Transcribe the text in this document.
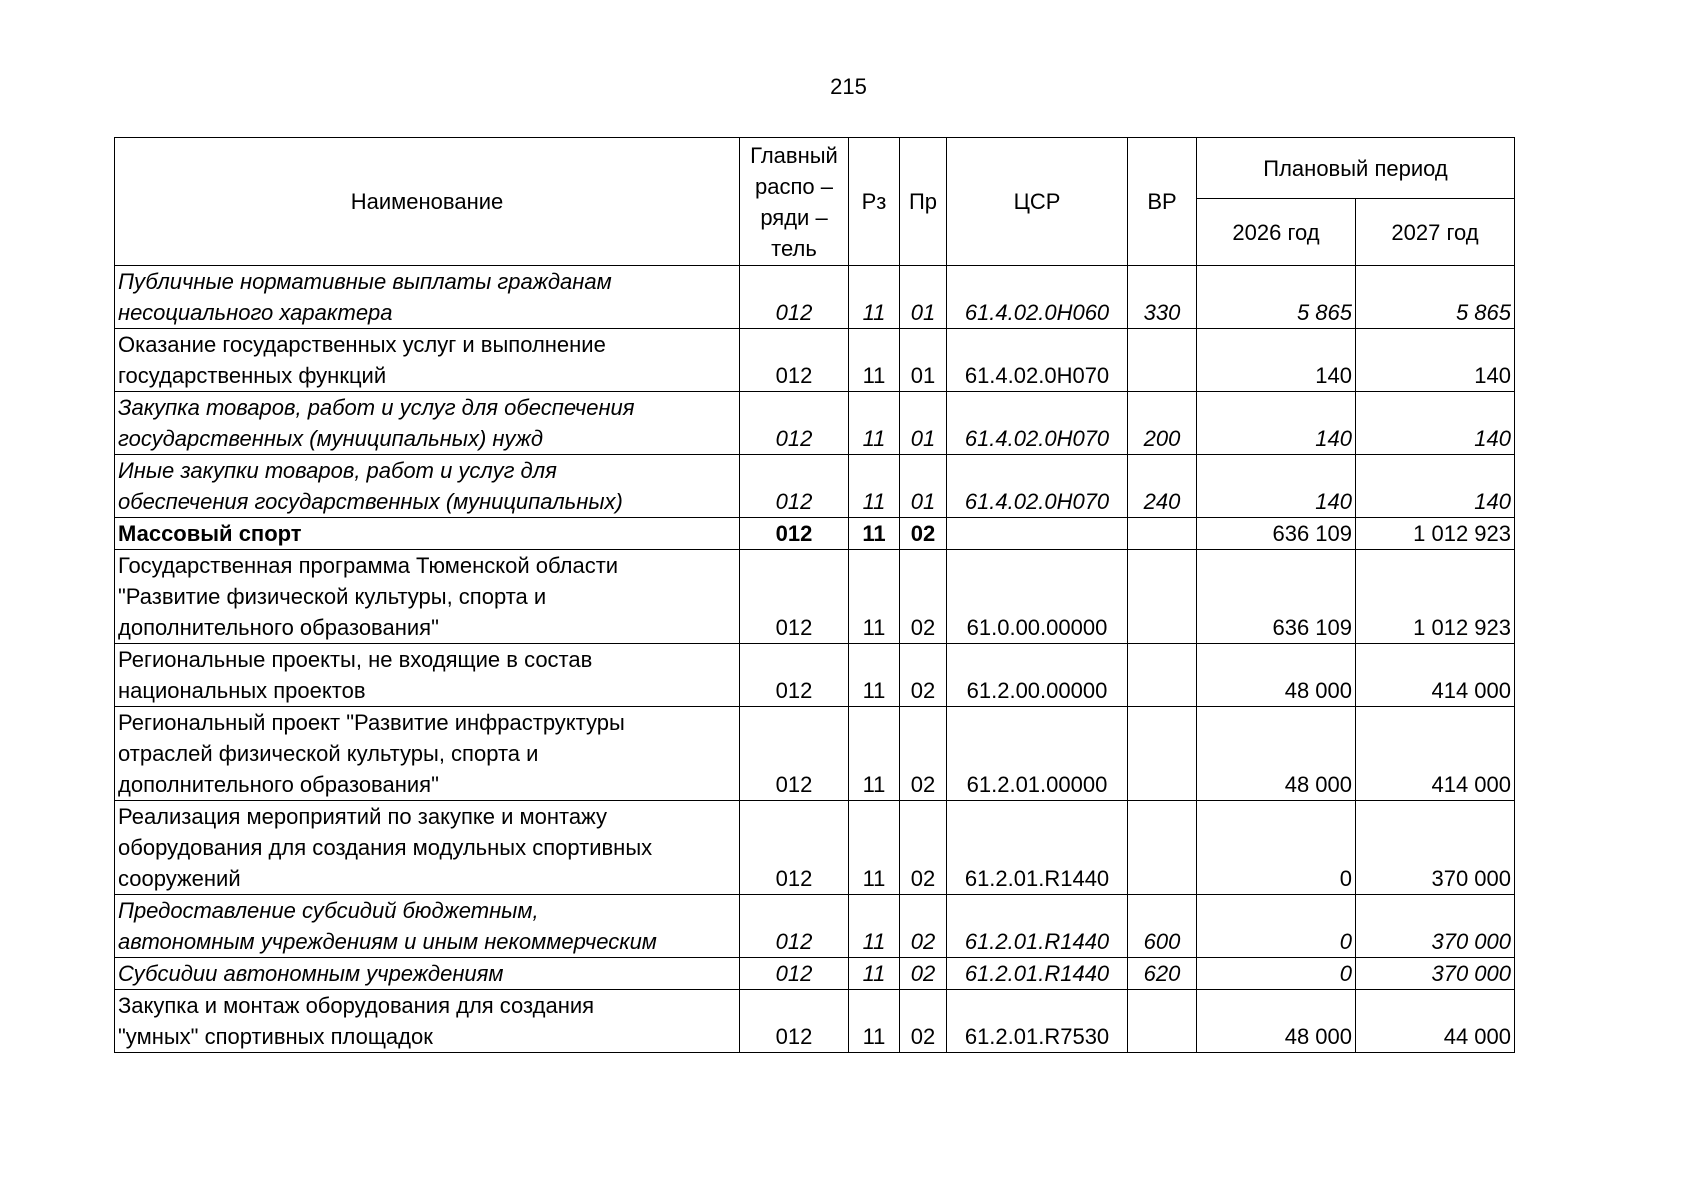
215
Наименование	Главный
распо –
ряди –
тель	Рз	Пр	ЦСР	ВР	Плановый период	
						2026 год	2027 год

Публичные нормативные выплаты гражданам
несоциального характера	012	11	01	61.4.02.0Н060	330	5 865	5 865

Оказание государственных услуг и выполнение
государственных функций	012	11	01	61.4.02.0Н070		140	140

Закупка товаров, работ и услуг для обеспечения
государственных (муниципальных) нужд	012	11	01	61.4.02.0Н070	200	140	140

Иные закупки товаров, работ и услуг для
обеспечения государственных (муниципальных)	012	11	01	61.4.02.0Н070	240	140	140

Массовый спорт	012	11	02			636 109	1 012 923

Государственная программа Тюменской области
"Развитие физической культуры, спорта и
дополнительного образования"	012	11	02	61.0.00.00000		636 109	1 012 923

Региональные проекты, не входящие в состав
национальных проектов	012	11	02	61.2.00.00000		48 000	414 000

Региональный проект "Развитие инфраструктуры
отраслей физической культуры, спорта и
дополнительного образования"	012	11	02	61.2.01.00000		48 000	414 000

Реализация мероприятий по закупке и монтажу
оборудования для создания модульных спортивных
сооружений	012	11	02	61.2.01.R1440		0	370 000

Предоставление субсидий бюджетным,
автономным учреждениям и иным некоммерческим	012	11	02	61.2.01.R1440	600	0	370 000

Субсидии автономным учреждениям	012	11	02	61.2.01.R1440	620	0	370 000

Закупка и монтаж оборудования для создания
"умных" спортивных площадок	012	11	02	61.2.01.R7530		48 000	44 000
